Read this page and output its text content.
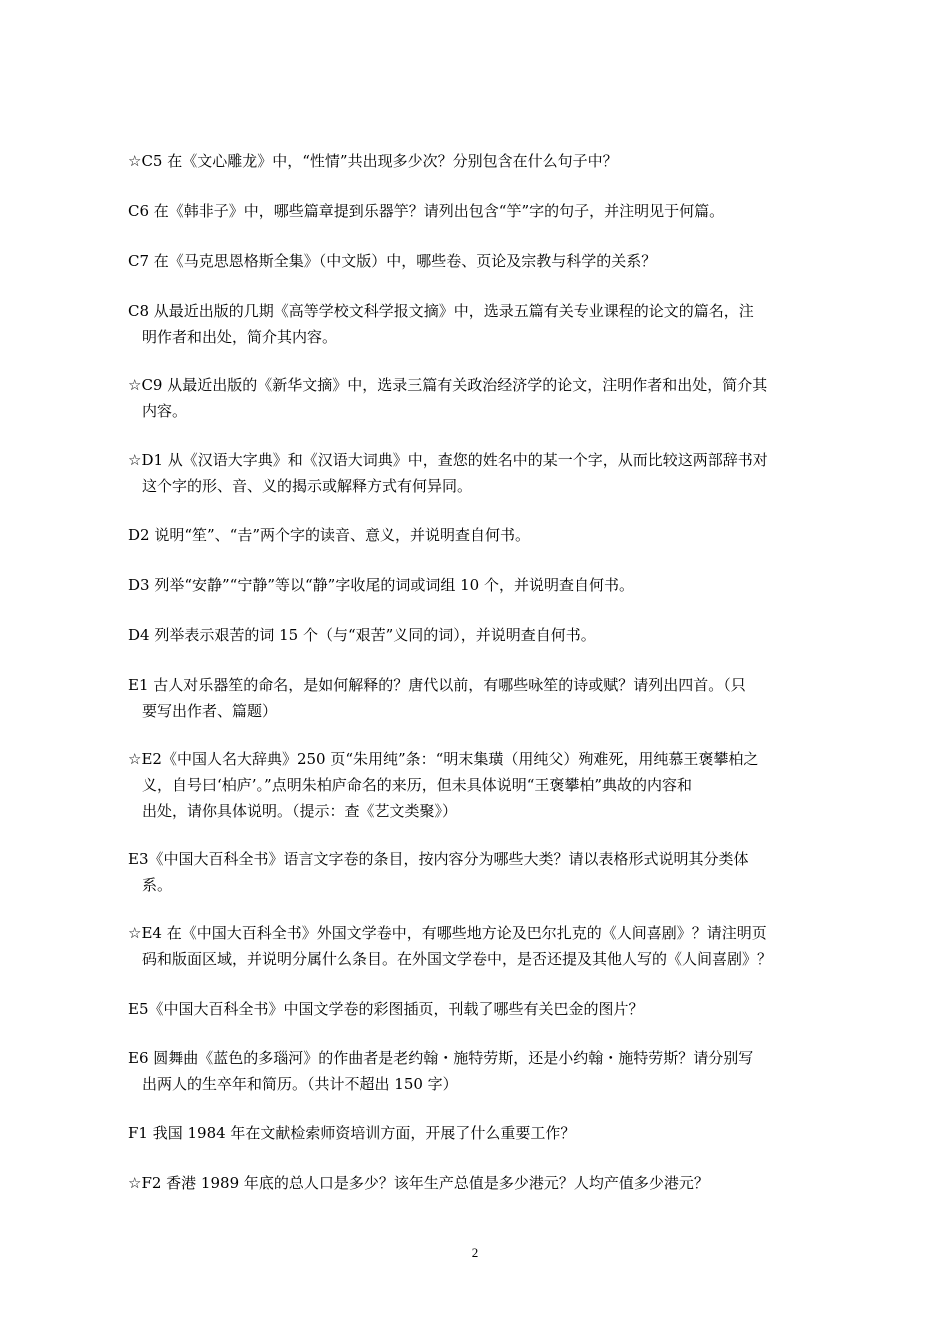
☆C5 在《文心雕龙》中，“性情”共出现多少次？分别包含在什么句子中？
C6 在《韩非子》中，哪些篇章提到乐器竽？请列出包含“竽”字的句子，并注明见于何篇。
C7 在《马克思恩格斯全集》（中文版）中，哪些卷、页论及宗教与科学的关系？
C8 从最近出版的几期《高等学校文科学报文摘》中，选录五篇有关专业课程的论文的篇名，注
明作者和出处，简介其内容。
☆C9 从最近出版的《新华文摘》中，选录三篇有关政治经济学的论文，注明作者和出处，简介其
内容。
☆D1 从《汉语大字典》和《汉语大词典》中，查您的姓名中的某一个字，从而比较这两部辞书对
这个字的形、音、义的揭示或解释方式有何异同。
D2 说明“笙”、“𠮷”两个字的读音、意义，并说明查自何书。
D3 列举“安静”“宁静”等以“静”字收尾的词或词组 10 个，并说明查自何书。
D4 列举表示艰苦的词 15 个（与“艰苦”义同的词），并说明查自何书。
E1 古人对乐器笙的命名，是如何解释的？唐代以前，有哪些咏笙的诗或赋？请列出四首。（只
要写出作者、篇题）
☆E2《中国人名大辞典》250 页“朱用纯”条：“明末集璜（用纯父）殉难死，用纯慕王褒攀柏之
义，自号曰‘柏庐’。”点明朱柏庐命名的来历，但未具体说明“王褒攀柏”典故的内容和
出处，请你具体说明。（提示：查《艺文类聚》）
E3《中国大百科全书》语言文字卷的条目，按内容分为哪些大类？请以表格形式说明其分类体
系。
☆E4 在《中国大百科全书》外国文学卷中，有哪些地方论及巴尔扎克的《人间喜剧》？请注明页
码和版面区域，并说明分属什么条目。在外国文学卷中，是否还提及其他人写的《人间喜剧》？
E5《中国大百科全书》中国文学卷的彩图插页，刊载了哪些有关巴金的图片？
E6 圆舞曲《蓝色的多瑙河》的作曲者是老约翰・施特劳斯，还是小约翰・施特劳斯？请分别写
出两人的生卒年和简历。（共计不超出 150 字）
F1 我国 1984 年在文献检索师资培训方面，开展了什么重要工作？
☆F2 香港 1989 年底的总人口是多少？该年生产总值是多少港元？人均产值多少港元？
2
